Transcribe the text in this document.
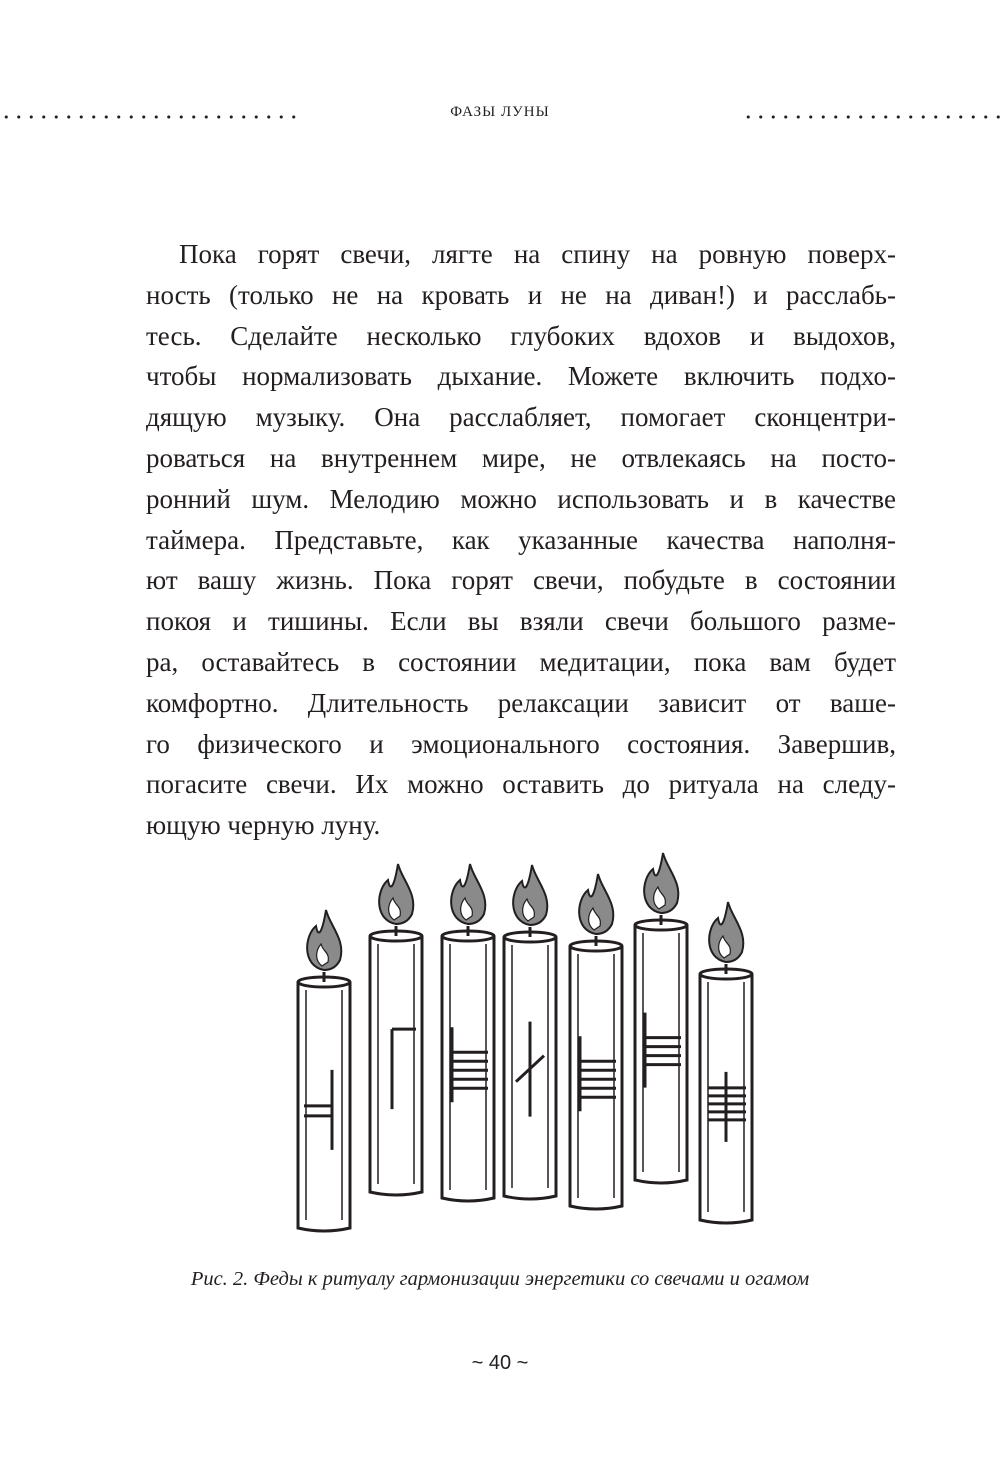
ФАЗЫ ЛУНЫ
Пока горят свечи, лягте на спину на ровную поверх-
ность (только не на кровать и не на диван!) и расслабь-
тесь. Сделайте несколько глубоких вдохов и выдохов,
чтобы нормализовать дыхание. Можете включить подхо-
дящую музыку. Она расслабляет, помогает сконцентри-
роваться на внутреннем мире, не отвлекаясь на посто-
ронний шум. Мелодию можно использовать и в качестве
таймера. Представьте, как указанные качества наполня-
ют вашу жизнь. Пока горят свечи, побудьте в состоянии
покоя и тишины. Если вы взяли свечи большого разме-
ра, оставайтесь в состоянии медитации, пока вам будет
комфортно. Длительность релаксации зависит от ваше-
го физического и эмоционального состояния. Завершив,
погасите свечи. Их можно оставить до ритуала на следу-
ющую черную луну.
Рис. 2. Феды к ритуалу гармонизации энергетики со свечами и огамом
~ 40 ~
